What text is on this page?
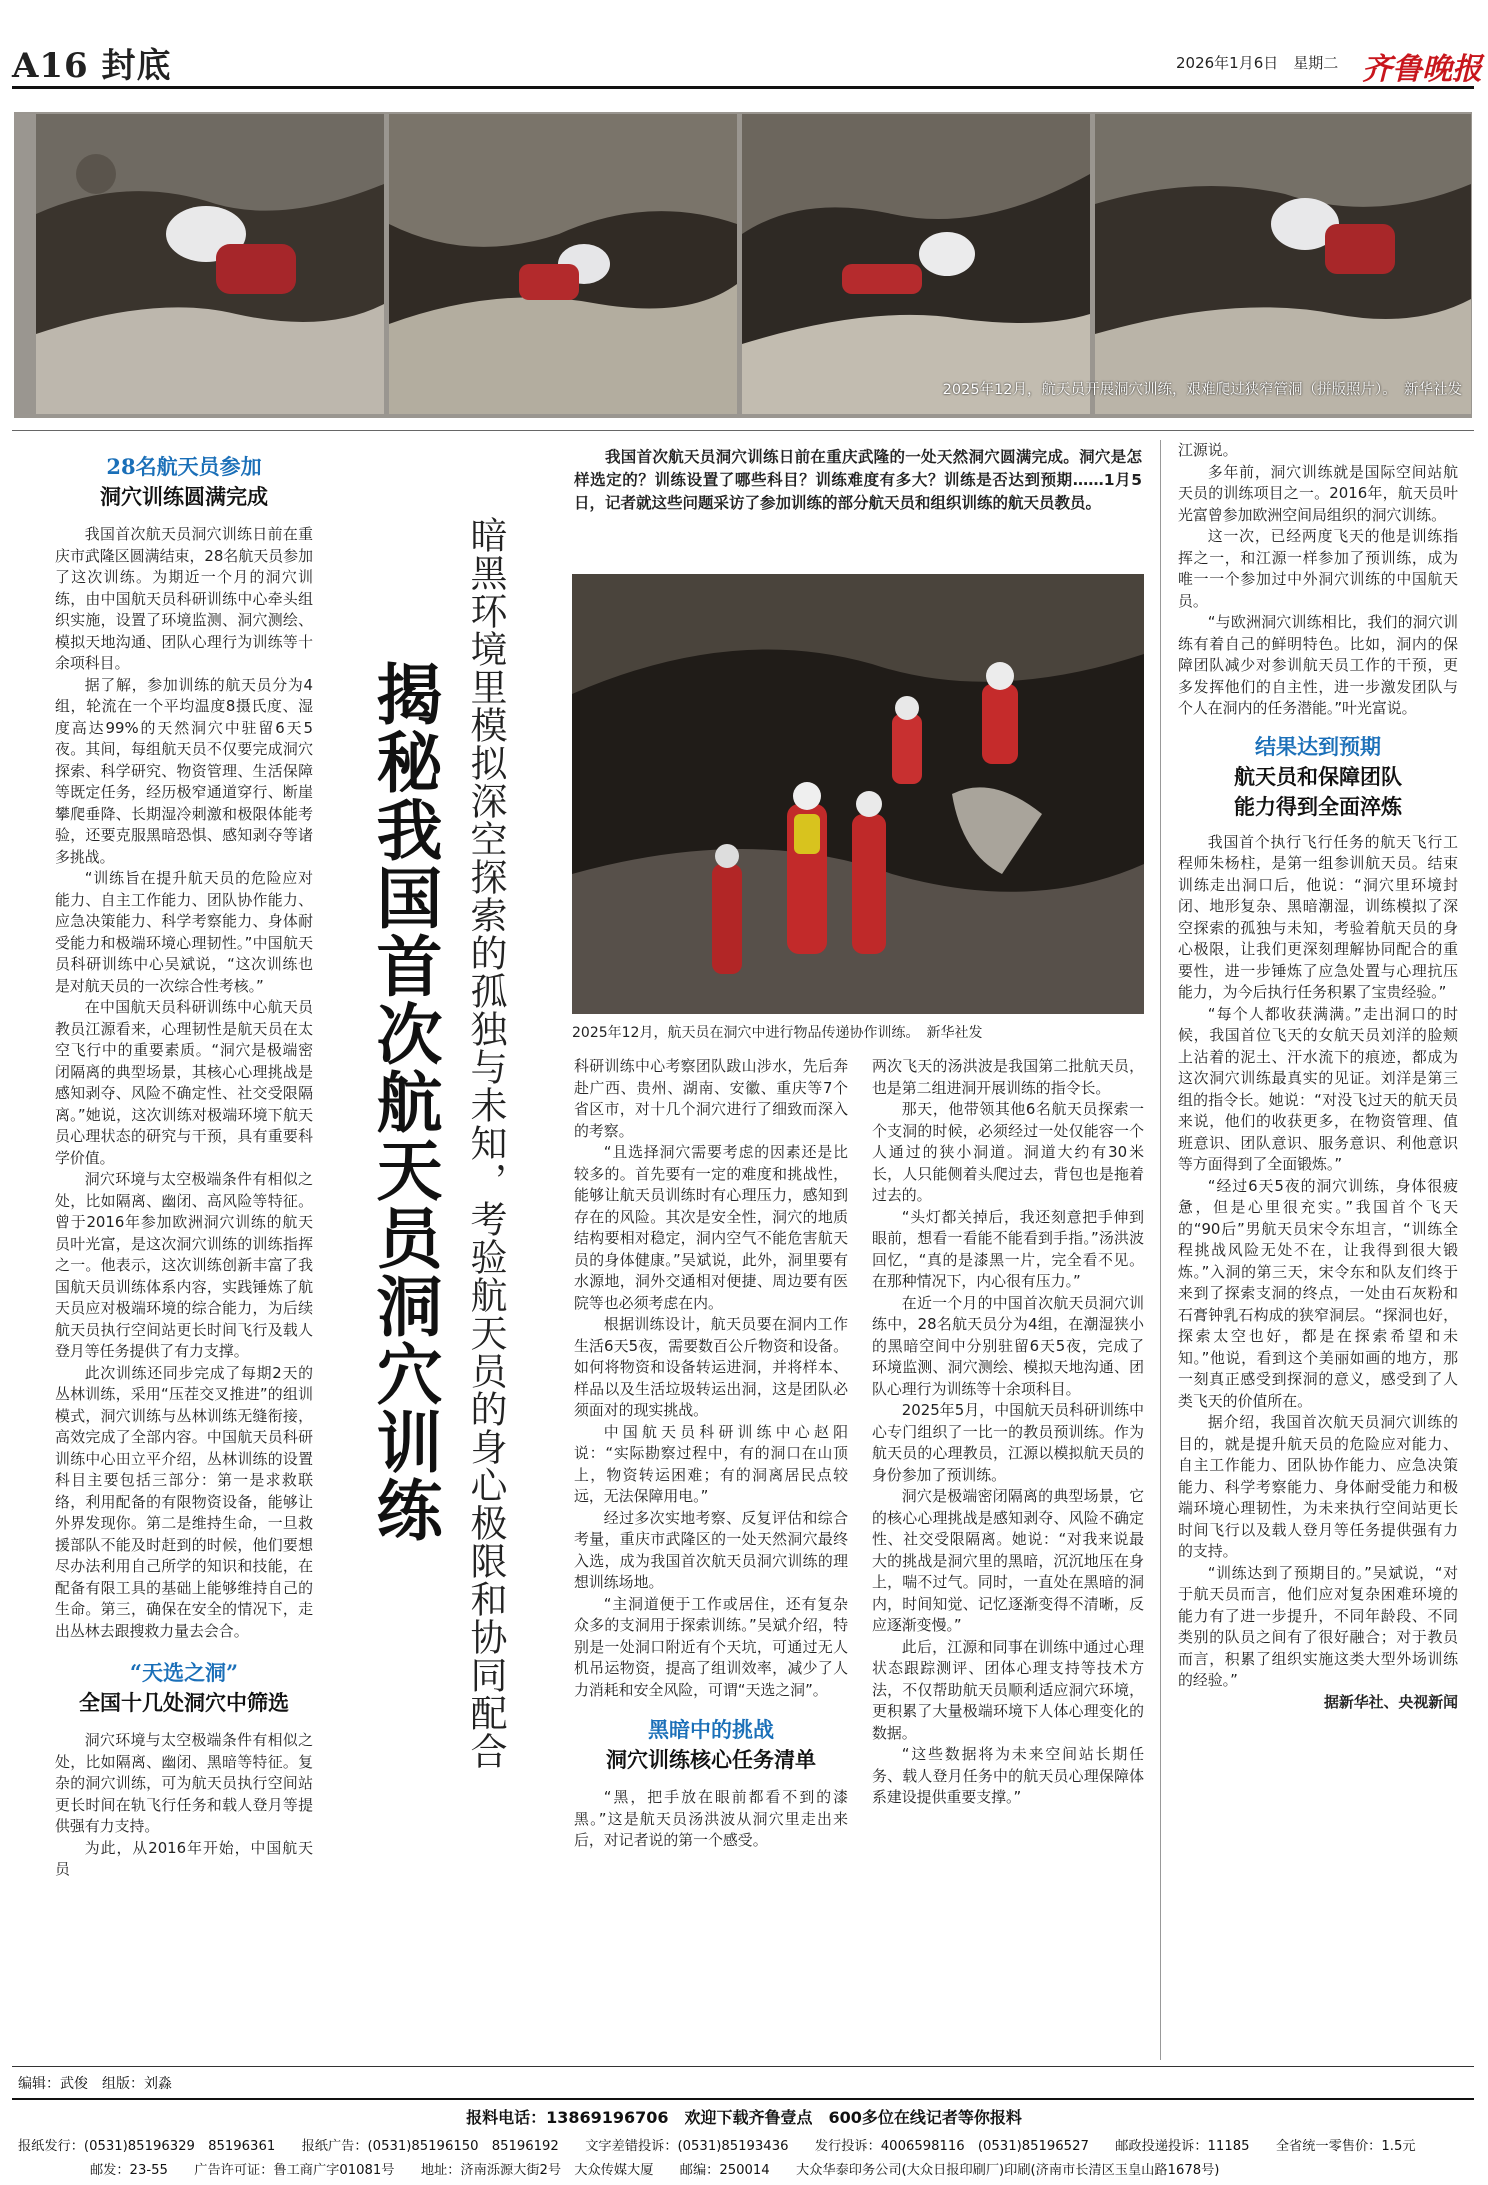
A16 封底	2026年1月6日　星期二 齐鲁晚报
2025年12月，航天员开展洞穴训练，艰难爬过狭窄管洞（拼版照片）。　新华社发
28名航天员参加
洞穴训练圆满完成

我国首次航天员洞穴训练日前在重庆市武隆区圆满结束，28名航天员参加了这次训练。为期近一个月的洞穴训练，由中国航天员科研训练中心牵头组织实施，设置了环境监测、洞穴测绘、模拟天地沟通、团队心理行为训练等十余项科目。

据了解，参加训练的航天员分为4组，轮流在一个平均温度8摄氏度、湿度高达99%的天然洞穴中驻留6天5夜。其间，每组航天员不仅要完成洞穴探索、科学研究、物资管理、生活保障等既定任务，经历极窄通道穿行、断崖攀爬垂降、长期湿冷刺激和极限体能考验，还要克服黑暗恐惧、感知剥夺等诸多挑战。

“训练旨在提升航天员的危险应对能力、自主工作能力、团队协作能力、应急决策能力、科学考察能力、身体耐受能力和极端环境心理韧性。”中国航天员科研训练中心吴斌说，“这次训练也是对航天员的一次综合性考核。”

在中国航天员科研训练中心航天员教员江源看来，心理韧性是航天员在太空飞行中的重要素质。“洞穴是极端密闭隔离的典型场景，其核心心理挑战是感知剥夺、风险不确定性、社交受限隔离。”她说，这次训练对极端环境下航天员心理状态的研究与干预，具有重要科学价值。

洞穴环境与太空极端条件有相似之处，比如隔离、幽闭、高风险等特征。曾于2016年参加欧洲洞穴训练的航天员叶光富，是这次洞穴训练的训练指挥之一。他表示，这次训练创新丰富了我国航天员训练体系内容，实践锤炼了航天员应对极端环境的综合能力，为后续航天员执行空间站更长时间飞行及载人登月等任务提供了有力支撑。

此次训练还同步完成了每期2天的丛林训练，采用“压茬交叉推进”的组训模式，洞穴训练与丛林训练无缝衔接，高效完成了全部内容。中国航天员科研训练中心田立平介绍，丛林训练的设置科目主要包括三部分：第一是求救联络，利用配备的有限物资设备，能够让外界发现你。第二是维持生命，一旦救援部队不能及时赶到的时候，他们要想尽办法利用自己所学的知识和技能，在配备有限工具的基础上能够维持自己的生命。第三，确保在安全的情况下，走出丛林去跟搜救力量去会合。

“天选之洞”
全国十几处洞穴中筛选

洞穴环境与太空极端条件有相似之处，比如隔离、幽闭、黑暗等特征。复杂的洞穴训练，可为航天员执行空间站更长时间在轨飞行任务和载人登月等提供强有力支持。

为此，从2016年开始，中国航天员

暗黑环境里模拟深空探索的孤独与未知，考验航天员的身心极限和协同配合
揭秘我国首次航天员洞穴训练
我国首次航天员洞穴训练日前在重庆武隆的一处天然洞穴圆满完成。洞穴是怎样选定的？训练设置了哪些科目？训练难度有多大？训练是否达到预期……1月5日，记者就这些问题采访了参加训练的部分航天员和组织训练的航天员教员。
2025年12月，航天员在洞穴中进行物品传递协作训练。　新华社发

科研训练中心考察团队跋山涉水，先后奔赴广西、贵州、湖南、安徽、重庆等7个省区市，对十几个洞穴进行了细致而深入的考察。

“且选择洞穴需要考虑的因素还是比较多的。首先要有一定的难度和挑战性，能够让航天员训练时有心理压力，感知到存在的风险。其次是安全性，洞穴的地质结构要相对稳定，洞内空气不能危害航天员的身体健康。”吴斌说，此外，洞里要有水源地，洞外交通相对便捷、周边要有医院等也必须考虑在内。

根据训练设计，航天员要在洞内工作生活6天5夜，需要数百公斤物资和设备。如何将物资和设备转运进洞，并将样本、样品以及生活垃圾转运出洞，这是团队必须面对的现实挑战。

中国航天员科研训练中心赵阳说：“实际勘察过程中，有的洞口在山顶上，物资转运困难；有的洞离居民点较远，无法保障用电。”

经过多次实地考察、反复评估和综合考量，重庆市武隆区的一处天然洞穴最终入选，成为我国首次航天员洞穴训练的理想训练场地。

“主洞道便于工作或居住，还有复杂众多的支洞用于探索训练。”吴斌介绍，特别是一处洞口附近有个天坑，可通过无人机吊运物资，提高了组训效率，减少了人力消耗和安全风险，可谓“天选之洞”。

黑暗中的挑战
洞穴训练核心任务清单

“黑，把手放在眼前都看不到的漆黑。”这是航天员汤洪波从洞穴里走出来后，对记者说的第一个感受。

两次飞天的汤洪波是我国第二批航天员，也是第二组进洞开展训练的指令长。

那天，他带领其他6名航天员探索一个支洞的时候，必须经过一处仅能容一个人通过的狭小洞道。洞道大约有30米长，人只能侧着头爬过去，背包也是拖着过去的。

“头灯都关掉后，我还刻意把手伸到眼前，想看一看能不能看到手指。”汤洪波回忆，“真的是漆黑一片，完全看不见。在那种情况下，内心很有压力。”

在近一个月的中国首次航天员洞穴训练中，28名航天员分为4组，在潮湿狭小的黑暗空间中分别驻留6天5夜，完成了环境监测、洞穴测绘、模拟天地沟通、团队心理行为训练等十余项科目。

2025年5月，中国航天员科研训练中心专门组织了一比一的教员预训练。作为航天员的心理教员，江源以模拟航天员的身份参加了预训练。

洞穴是极端密闭隔离的典型场景，它的核心心理挑战是感知剥夺、风险不确定性、社交受限隔离。她说：“对我来说最大的挑战是洞穴里的黑暗，沉沉地压在身上，喘不过气。同时，一直处在黑暗的洞内，时间知觉、记忆逐渐变得不清晰，反应逐渐变慢。”

此后，江源和同事在训练中通过心理状态跟踪测评、团体心理支持等技术方法，不仅帮助航天员顺利适应洞穴环境，更积累了大量极端环境下人体心理变化的数据。

“这些数据将为未来空间站长期任务、载人登月任务中的航天员心理保障体系建设提供重要支撑。”

江源说。

多年前，洞穴训练就是国际空间站航天员的训练项目之一。2016年，航天员叶光富曾参加欧洲空间局组织的洞穴训练。

这一次，已经两度飞天的他是训练指挥之一，和江源一样参加了预训练，成为唯一一个参加过中外洞穴训练的中国航天员。

“与欧洲洞穴训练相比，我们的洞穴训练有着自己的鲜明特色。比如，洞内的保障团队减少对参训航天员工作的干预，更多发挥他们的自主性，进一步激发团队与个人在洞内的任务潜能。”叶光富说。

结果达到预期
航天员和保障团队
能力得到全面淬炼

我国首个执行飞行任务的航天飞行工程师朱杨柱，是第一组参训航天员。结束训练走出洞口后，他说：“洞穴里环境封闭、地形复杂、黑暗潮湿，训练模拟了深空探索的孤独与未知，考验着航天员的身心极限，让我们更深刻理解协同配合的重要性，进一步锤炼了应急处置与心理抗压能力，为今后执行任务积累了宝贵经验。”

“每个人都收获满满。”走出洞口的时候，我国首位飞天的女航天员刘洋的脸颊上沾着的泥土、汗水流下的痕迹，都成为这次洞穴训练最真实的见证。刘洋是第三组的指令长。她说：“对没飞过天的航天员来说，他们的收获更多，在物资管理、值班意识、团队意识、服务意识、利他意识等方面得到了全面锻炼。”

“经过6天5夜的洞穴训练，身体很疲惫，但是心里很充实。”我国首个飞天的“90后”男航天员宋令东坦言，“训练全程挑战风险无处不在，让我得到很大锻炼。”入洞的第三天，宋令东和队友们终于来到了探索支洞的终点，一处由石灰粉和石膏钟乳石构成的狭窄洞层。“探洞也好，探索太空也好，都是在探索希望和未知。”他说，看到这个美丽如画的地方，那一刻真正感受到探洞的意义，感受到了人类飞天的价值所在。

据介绍，我国首次航天员洞穴训练的目的，就是提升航天员的危险应对能力、自主工作能力、团队协作能力、应急决策能力、科学考察能力、身体耐受能力和极端环境心理韧性，为未来执行空间站更长时间飞行以及载人登月等任务提供强有力的支持。

“训练达到了预期目的。”吴斌说，“对于航天员而言，他们应对复杂困难环境的能力有了进一步提升，不同年龄段、不同类别的队员之间有了很好融合；对于教员而言，积累了组织实施这类大型外场训练的经验。”

据新华社、央视新闻

编辑：武俊　组版：刘淼
报料电话：13869196706　欢迎下载齐鲁壹点　600多位在线记者等你报料
报纸发行：(0531)85196329　85196361　　报纸广告：(0531)85196150　85196192　　文字差错投诉：(0531)85193436　　发行投诉：4006598116　(0531)85196527　　邮政投递投诉：11185　　全省统一零售价：1.5元
邮发：23-55　　广告许可证：鲁工商广字01081号　　地址：济南泺源大街2号　大众传媒大厦　　邮编：250014　　大众华泰印务公司(大众日报印刷厂)印刷(济南市长清区玉皇山路1678号)
